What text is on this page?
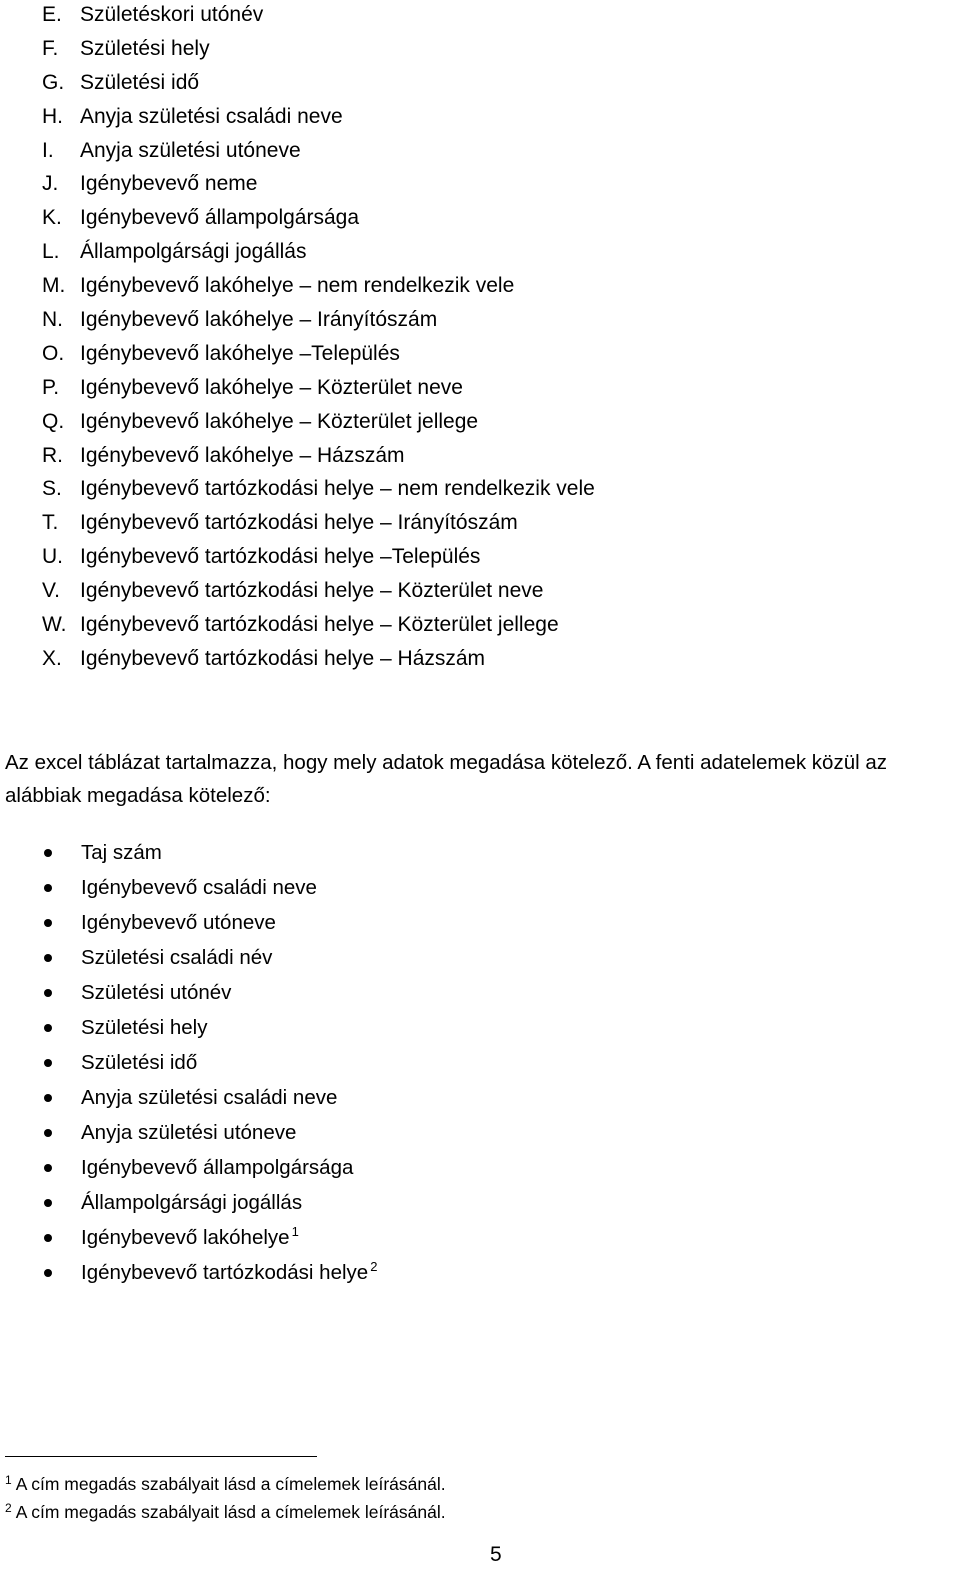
E. Születéskori utónév
F. Születési hely
G. Születési idő
H. Anyja születési családi neve
I. Anyja születési utóneve
J. Igénybevevő neme
K. Igénybevevő állampolgársága
L. Állampolgársági jogállás
M. Igénybevevő lakóhelye – nem rendelkezik vele
N. Igénybevevő lakóhelye – Irányítószám
O. Igénybevevő lakóhelye –Település
P. Igénybevevő lakóhelye – Közterület neve
Q. Igénybevevő lakóhelye – Közterület jellege
R. Igénybevevő lakóhelye – Házszám
S. Igénybevevő tartózkodási helye – nem rendelkezik vele
T. Igénybevevő tartózkodási helye – Irányítószám
U. Igénybevevő tartózkodási helye –Település
V. Igénybevevő tartózkodási helye – Közterület neve
W. Igénybevevő tartózkodási helye – Közterület jellege
X. Igénybevevő tartózkodási helye – Házszám

Az excel táblázat tartalmazza, hogy mely adatok megadása kötelező. A fenti adatelemek közül az alábbiak megadása kötelező:

Taj szám
Igénybevevő családi neve
Igénybevevő utóneve
Születési családi név
Születési utónév
Születési hely
Születési idő
Anyja születési családi neve
Anyja születési utóneve
Igénybevevő állampolgársága
Állampolgársági jogállás
Igénybevevő lakóhelye$^1$
Igénybevevő tartózkodási helye $^2$
$^1$ A cím megadás szabályait lásd a címelemek leírásánál.
$^2$ A cím megadás szabályait lásd a címelemek leírásánál.
5
